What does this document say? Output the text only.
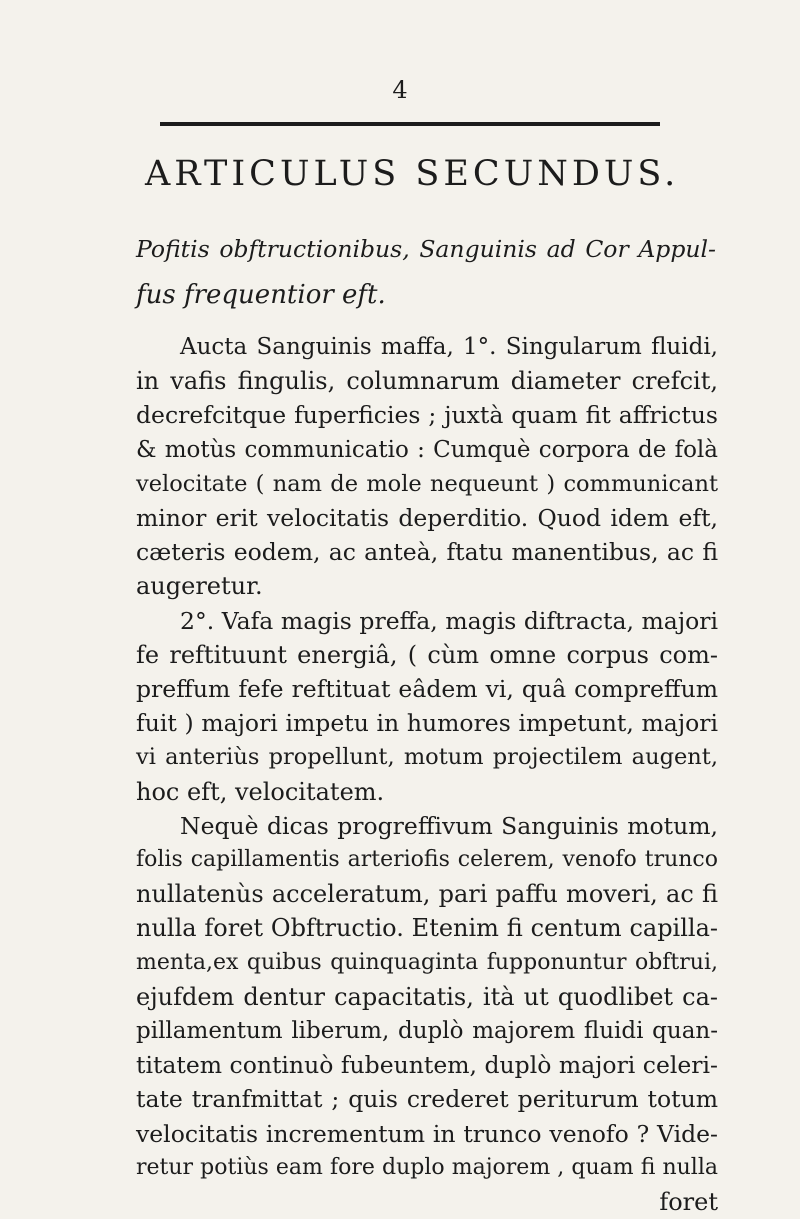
4
ARTICULUS SECUNDUS.
Pofitis obftructionibus, Sanguinis ad Cor Appul-
fus frequentior eft.
Aucta Sanguinis maffa, 1°. Singularum fluidi,
in vafis fingulis, columnarum diameter crefcit,
decrefcitque fuperficies ; juxtà quam fit affrictus
& motùs communicatio : Cumquè corpora de folà
velocitate ( nam de mole nequeunt ) communicant
minor erit velocitatis deperditio. Quod idem eft,
cæteris eodem, ac anteà, ftatu manentibus, ac fi
augeretur.
2°. Vafa magis preffa, magis diftracta, majori
fe reftituunt energiâ, ( cùm omne corpus com-
preffum fefe reftituat eâdem vi, quâ compreffum
fuit ) majori impetu in humores impetunt, majori
vi anteriùs propellunt, motum projectilem augent,
hoc eft, velocitatem.
Nequè dicas progreffivum Sanguinis motum,
folis capillamentis arteriofis celerem, venofo trunco
nullatenùs acceleratum, pari paffu moveri, ac fi
nulla foret Obftructio. Etenim fi centum capilla-
menta,ex quibus quinquaginta fupponuntur obftrui,
ejufdem dentur capacitatis, ità ut quodlibet ca-
pillamentum liberum, duplò majorem fluidi quan-
titatem continuò fubeuntem, duplò majori celeri-
tate tranfmittat ; quis crederet periturum totum
velocitatis incrementum in trunco venofo ? Vide-
retur potiùs eam fore duplo majorem , quam fi nulla
foret
